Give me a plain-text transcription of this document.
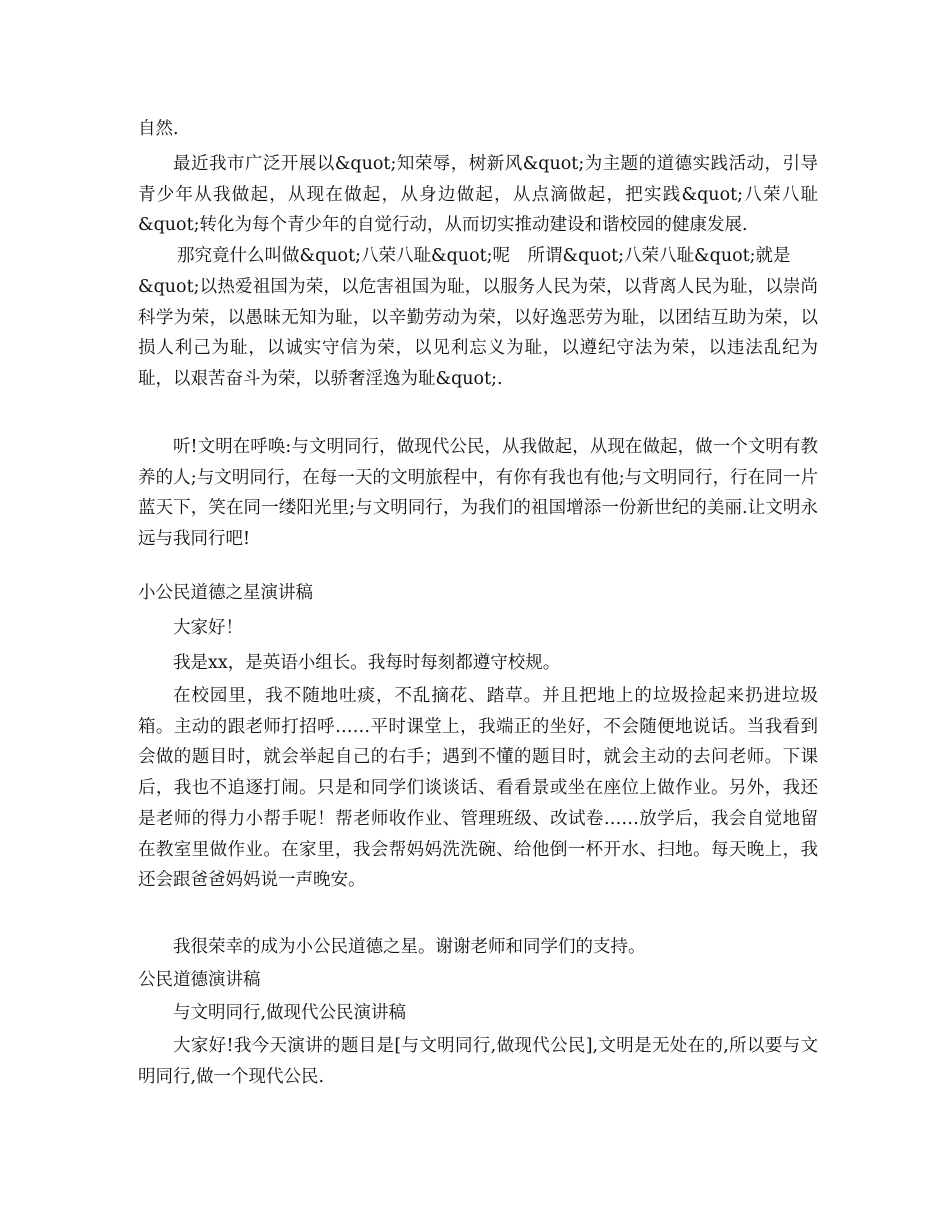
自然.

最近我市广泛开展以&quot;知荣辱，树新风&quot;为主题的道德实践活动，引导青少年从我做起，从现在做起，从身边做起，从点滴做起，把实践&quot;八荣八耻&quot;转化为每个青少年的自觉行动，从而切实推动建设和谐校园的健康发展.

那究竟什么叫做&quot;八荣八耻&quot;呢　所谓&quot;八荣八耻&quot;就是

&quot;以热爱祖国为荣，以危害祖国为耻，以服务人民为荣，以背离人民为耻，以崇尚科学为荣，以愚昧无知为耻，以辛勤劳动为荣，以好逸恶劳为耻，以团结互助为荣，以损人利己为耻，以诚实守信为荣，以见利忘义为耻，以遵纪守法为荣，以违法乱纪为耻，以艰苦奋斗为荣，以骄奢淫逸为耻&quot;.

听!文明在呼唤:与文明同行，做现代公民，从我做起，从现在做起，做一个文明有教养的人;与文明同行，在每一天的文明旅程中，有你有我也有他;与文明同行，行在同一片蓝天下，笑在同一缕阳光里;与文明同行，为我们的祖国增添一份新世纪的美丽.让文明永远与我同行吧!

小公民道德之星演讲稿

大家好！

我是xx，是英语小组长。我每时每刻都遵守校规。

在校园里，我不随地吐痰，不乱摘花、踏草。并且把地上的垃圾捡起来扔进垃圾箱。主动的跟老师打招呼……平时课堂上，我端正的坐好，不会随便地说话。当我看到会做的题目时，就会举起自己的右手；遇到不懂的题目时，就会主动的去问老师。下课后，我也不追逐打闹。只是和同学们谈谈话、看看景或坐在座位上做作业。另外，我还是老师的得力小帮手呢！帮老师收作业、管理班级、改试卷……放学后，我会自觉地留在教室里做作业。在家里，我会帮妈妈洗洗碗、给他倒一杯开水、扫地。每天晚上，我还会跟爸爸妈妈说一声晚安。

我很荣幸的成为小公民道德之星。谢谢老师和同学们的支持。

公民道德演讲稿

与文明同行,做现代公民演讲稿

大家好!我今天演讲的题目是[与文明同行,做现代公民],文明是无处在的,所以要与文明同行,做一个现代公民.
